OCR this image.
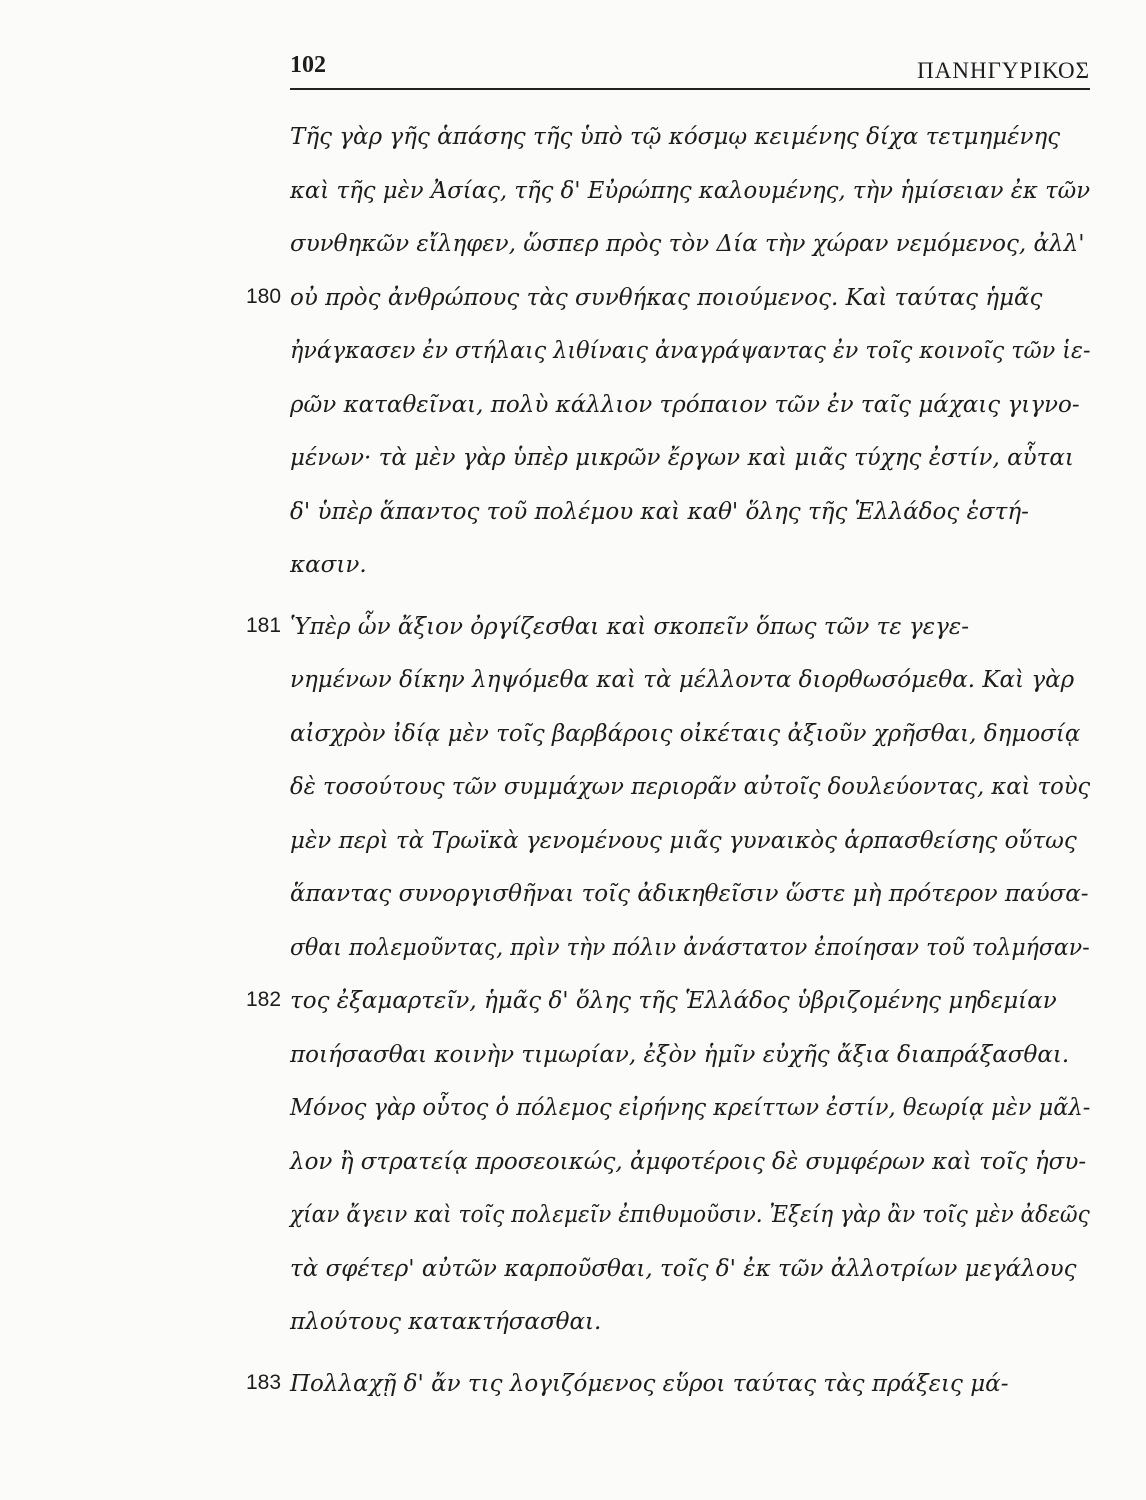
102	ΠΑΝΗΓΥΡΙΚΟΣ
Τῆς γὰρ γῆς ἁπάσης τῆς ὑπὸ τῷ κόσμῳ κειμένης δίχα τετμημένης
καὶ τῆς μὲν Ἀσίας, τῆς δ' Εὐρώπης καλουμένης, τὴν ἡμίσειαν ἐκ τῶν
συνθηκῶν εἴληφεν, ὥσπερ πρὸς τὸν Δία τὴν χώραν νεμόμενος, ἀλλ'
180 οὐ πρὸς ἀνθρώπους τὰς συνθήκας ποιούμενος. Καὶ ταύτας ἡμᾶς
ἠνάγκασεν ἐν στήλαις λιθίναις ἀναγράψαντας ἐν τοῖς κοινοῖς τῶν ἱε-
ρῶν καταθεῖναι, πολὺ κάλλιον τρόπαιον τῶν ἐν ταῖς μάχαις γιγνο-
μένων· τὰ μὲν γὰρ ὑπὲρ μικρῶν ἔργων καὶ μιᾶς τύχης ἐστίν, αὗται
δ' ὑπὲρ ἅπαντος τοῦ πολέμου καὶ καθ' ὅλης τῆς Ἑλλάδος ἑστή-
κασιν.
181 Ὑπὲρ ὧν ἄξιον ὀργίζεσθαι καὶ σκοπεῖν ὅπως τῶν τε γεγε-
νημένων δίκην ληψόμεθα καὶ τὰ μέλλοντα διορθωσόμεθα. Καὶ γὰρ
αἰσχρὸν ἰδίᾳ μὲν τοῖς βαρβάροις οἰκέταις ἀξιοῦν χρῆσθαι, δημοσίᾳ
δὲ τοσούτους τῶν συμμάχων περιορᾶν αὐτοῖς δουλεύοντας, καὶ τοὺς
μὲν περὶ τὰ Τρωϊκὰ γενομένους μιᾶς γυναικὸς ἁρπασθείσης οὕτως
ἅπαντας συνοργισθῆναι τοῖς ἀδικηθεῖσιν ὥστε μὴ πρότερον παύσα-
σθαι πολεμοῦντας, πρὶν τὴν πόλιν ἀνάστατον ἐποίησαν τοῦ τολμήσαν-
182 τος ἐξαμαρτεῖν, ἡμᾶς δ' ὅλης τῆς Ἑλλάδος ὑβριζομένης μηδεμίαν
ποιήσασθαι κοινὴν τιμωρίαν, ἐξὸν ἡμῖν εὐχῆς ἄξια διαπράξασθαι.
Μόνος γὰρ οὗτος ὁ πόλεμος εἰρήνης κρείττων ἐστίν, θεωρίᾳ μὲν μᾶλ-
λον ἢ στρατείᾳ προσεοικώς, ἀμφοτέροις δὲ συμφέρων καὶ τοῖς ἡσυ-
χίαν ἄγειν καὶ τοῖς πολεμεῖν ἐπιθυμοῦσιν. Ἐξείη γὰρ ἂν τοῖς μὲν ἀδεῶς
τὰ σφέτερ' αὐτῶν καρποῦσθαι, τοῖς δ' ἐκ τῶν ἀλλοτρίων μεγάλους
πλούτους κατακτήσασθαι.
183 Πολλαχῇ δ' ἄν τις λογιζόμενος εὕροι ταύτας τὰς πράξεις μά-
